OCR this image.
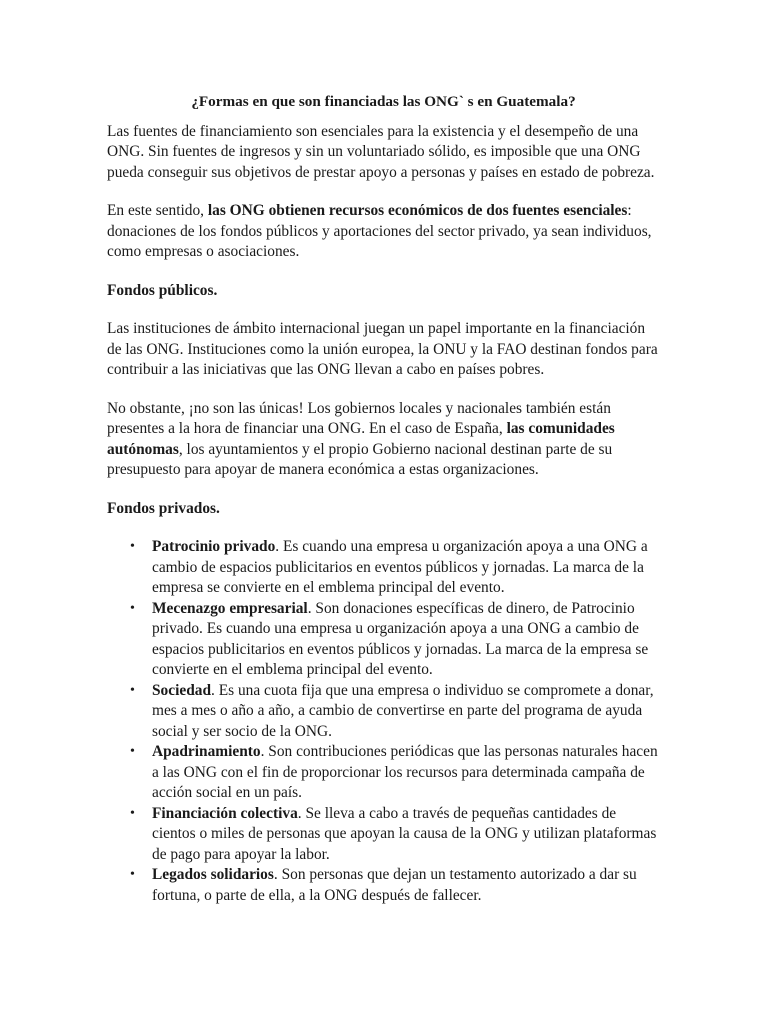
¿Formas en que son financiadas las ONG` s en Guatemala?

Las fuentes de financiamiento son esenciales para la existencia y el desempeño de una ONG. Sin fuentes de ingresos y sin un voluntariado sólido, es imposible que una ONG pueda conseguir sus objetivos de prestar apoyo a personas y países en estado de pobreza.

En este sentido, las ONG obtienen recursos económicos de dos fuentes esenciales: donaciones de los fondos públicos y aportaciones del sector privado, ya sean individuos, como empresas o asociaciones.

Fondos públicos.

Las instituciones de ámbito internacional juegan un papel importante en la financiación de las ONG. Instituciones como la unión europea, la ONU y la FAO destinan fondos para contribuir a las iniciativas que las ONG llevan a cabo en países pobres.

No obstante, ¡no son las únicas! Los gobiernos locales y nacionales también están presentes a la hora de financiar una ONG. En el caso de España, las comunidades autónomas, los ayuntamientos y el propio Gobierno nacional destinan parte de su presupuesto para apoyar de manera económica a estas organizaciones.

Fondos privados.
• Patrocinio privado. Es cuando una empresa u organización apoya a una ONG a cambio de espacios publicitarios en eventos públicos y jornadas. La marca de la empresa se convierte en el emblema principal del evento.
• Mecenazgo empresarial. Son donaciones específicas de dinero, de Patrocinio privado. Es cuando una empresa u organización apoya a una ONG a cambio de espacios publicitarios en eventos públicos y jornadas. La marca de la empresa se convierte en el emblema principal del evento.
• Sociedad. Es una cuota fija que una empresa o individuo se compromete a donar, mes a mes o año a año, a cambio de convertirse en parte del programa de ayuda social y ser socio de la ONG.
• Apadrinamiento. Son contribuciones periódicas que las personas naturales hacen a las ONG con el fin de proporcionar los recursos para determinada campaña de acción social en un país.
• Financiación colectiva. Se lleva a cabo a través de pequeñas cantidades de cientos o miles de personas que apoyan la causa de la ONG y utilizan plataformas de pago para apoyar la labor.
• Legados solidarios. Son personas que dejan un testamento autorizado a dar su fortuna, o parte de ella, a la ONG después de fallecer.
